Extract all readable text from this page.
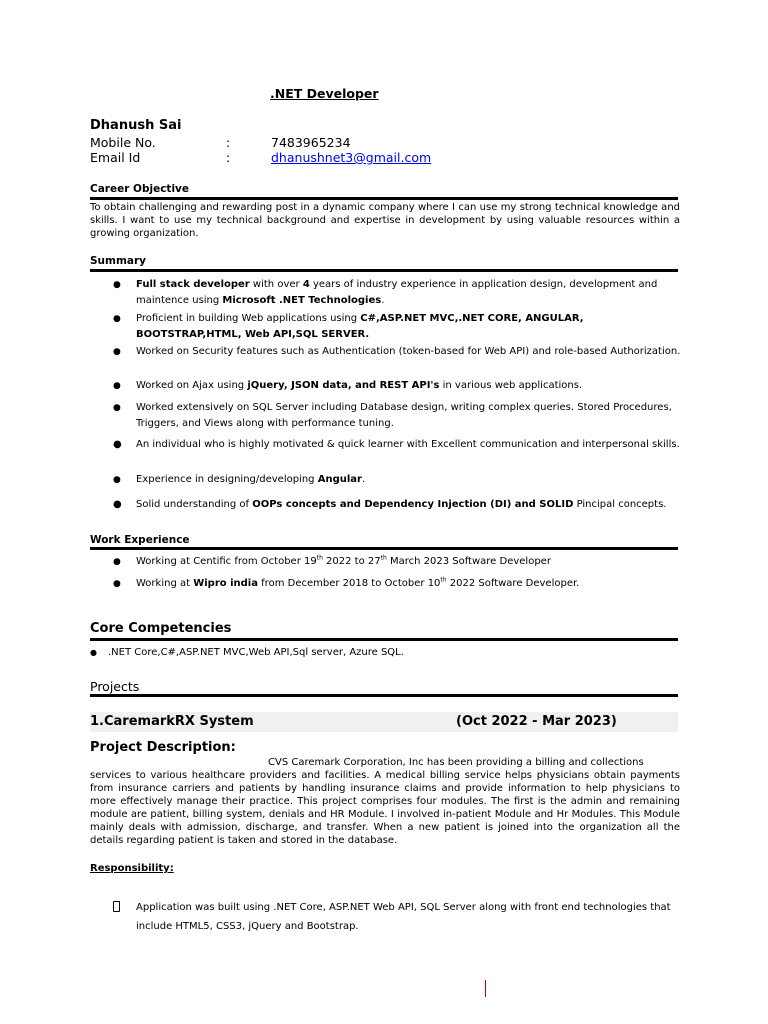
.NET Developer
Dhanush Sai
Mobile No.	:	7483965234
Email Id	:	dhanushnet3@gmail.com
Career Objective
To obtain challenging and rewarding post in a dynamic company where I can use my strong technical knowledge and skills. I want to use my technical background and expertise in development by using valuable resources within a growing organization.
Summary
● Full stack developer with over 4 years of industry experience in application design, development and maintence using Microsoft .NET Technologies.
● Proficient in building Web applications using C#,ASP.NET MVC,.NET CORE, ANGULAR, BOOTSTRAP,HTML, Web API,SQL SERVER.
● Worked on Security features such as Authentication (token-based for Web API) and role-based Authorization.
● Worked on Ajax using jQuery, JSON data, and REST API's in various web applications.
● Worked extensively on SQL Server including Database design, writing complex queries. Stored Procedures, Triggers, and Views along with performance tuning.
● An individual who is highly motivated & quick learner with Excellent communication and interpersonal skills.
● Experience in designing/developing Angular.
● Solid understanding of OOPs concepts and Dependency Injection (DI) and SOLID Pincipal concepts.
Work Experience
● Working at Centific from October 19th 2022 to 27th March 2023 Software Developer
● Working at Wipro india from December 2018 to October 10th 2022 Software Developer.
Core Competencies
● .NET Core,C#,ASP.NET MVC,Web API,Sql server, Azure SQL.
Projects
1.CaremarkRX System	(Oct 2022 - Mar 2023)
Project Description:
CVS Caremark Corporation, Inc has been providing a billing and collections
services to various healthcare providers and facilities. A medical billing service helps physicians obtain payments from insurance carriers and patients by handling insurance claims and provide information to help physicians to more effectively manage their practice. This project comprises four modules. The first is the admin and remaining module are patient, billing system, denials and HR Module. I involved in-patient Module and Hr Modules. This Module mainly deals with admission, discharge, and transfer. When a new patient is joined into the organization all the details regarding patient is taken and stored in the database.
Responsibility:
Application was built using .NET Core, ASP.NET Web API, SQL Server along with front end technologies that include HTML5, CSS3, jQuery and Bootstrap.
